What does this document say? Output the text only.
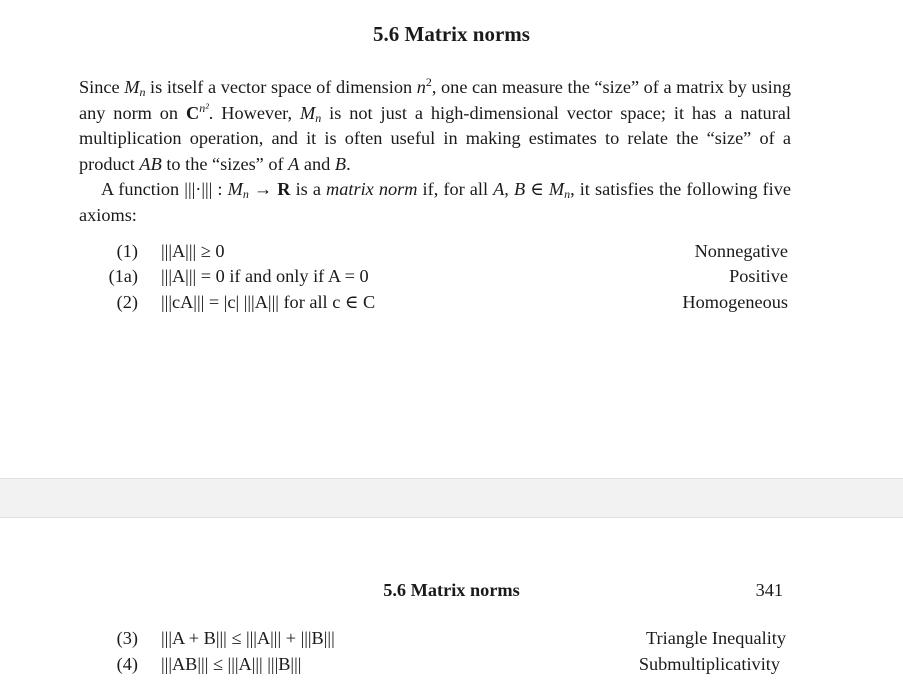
5.6 Matrix norms

Since $M_n$ is itself a vector space of dimension $n^2$, one can measure the “size” of a matrix by using any norm on $C^{n^2}$. However, $M_n$ is not just a high-dimensional vector space; it has a natural multiplication operation, and it is often useful in making estimates to relate the “size” of a product AB to the “sizes” of A and B.

A function |||·||| : $M_n \to R$ is a matrix norm if, for all A, B ∈ $M_n$, it satisfies the following five axioms:

(1) |||A||| ≥ 0	Nonnegative
(1a) |||A||| = 0 if and only if A = 0	Positive
(2) |||cA||| = |c| |||A||| for all c ∈ C	Homogeneous
5.6 Matrix norms	341
(3) |||A + B||| ≤ |||A||| + |||B|||	Triangle Inequality
(4) |||AB||| ≤ |||A||| |||B|||	Submultiplicativity
